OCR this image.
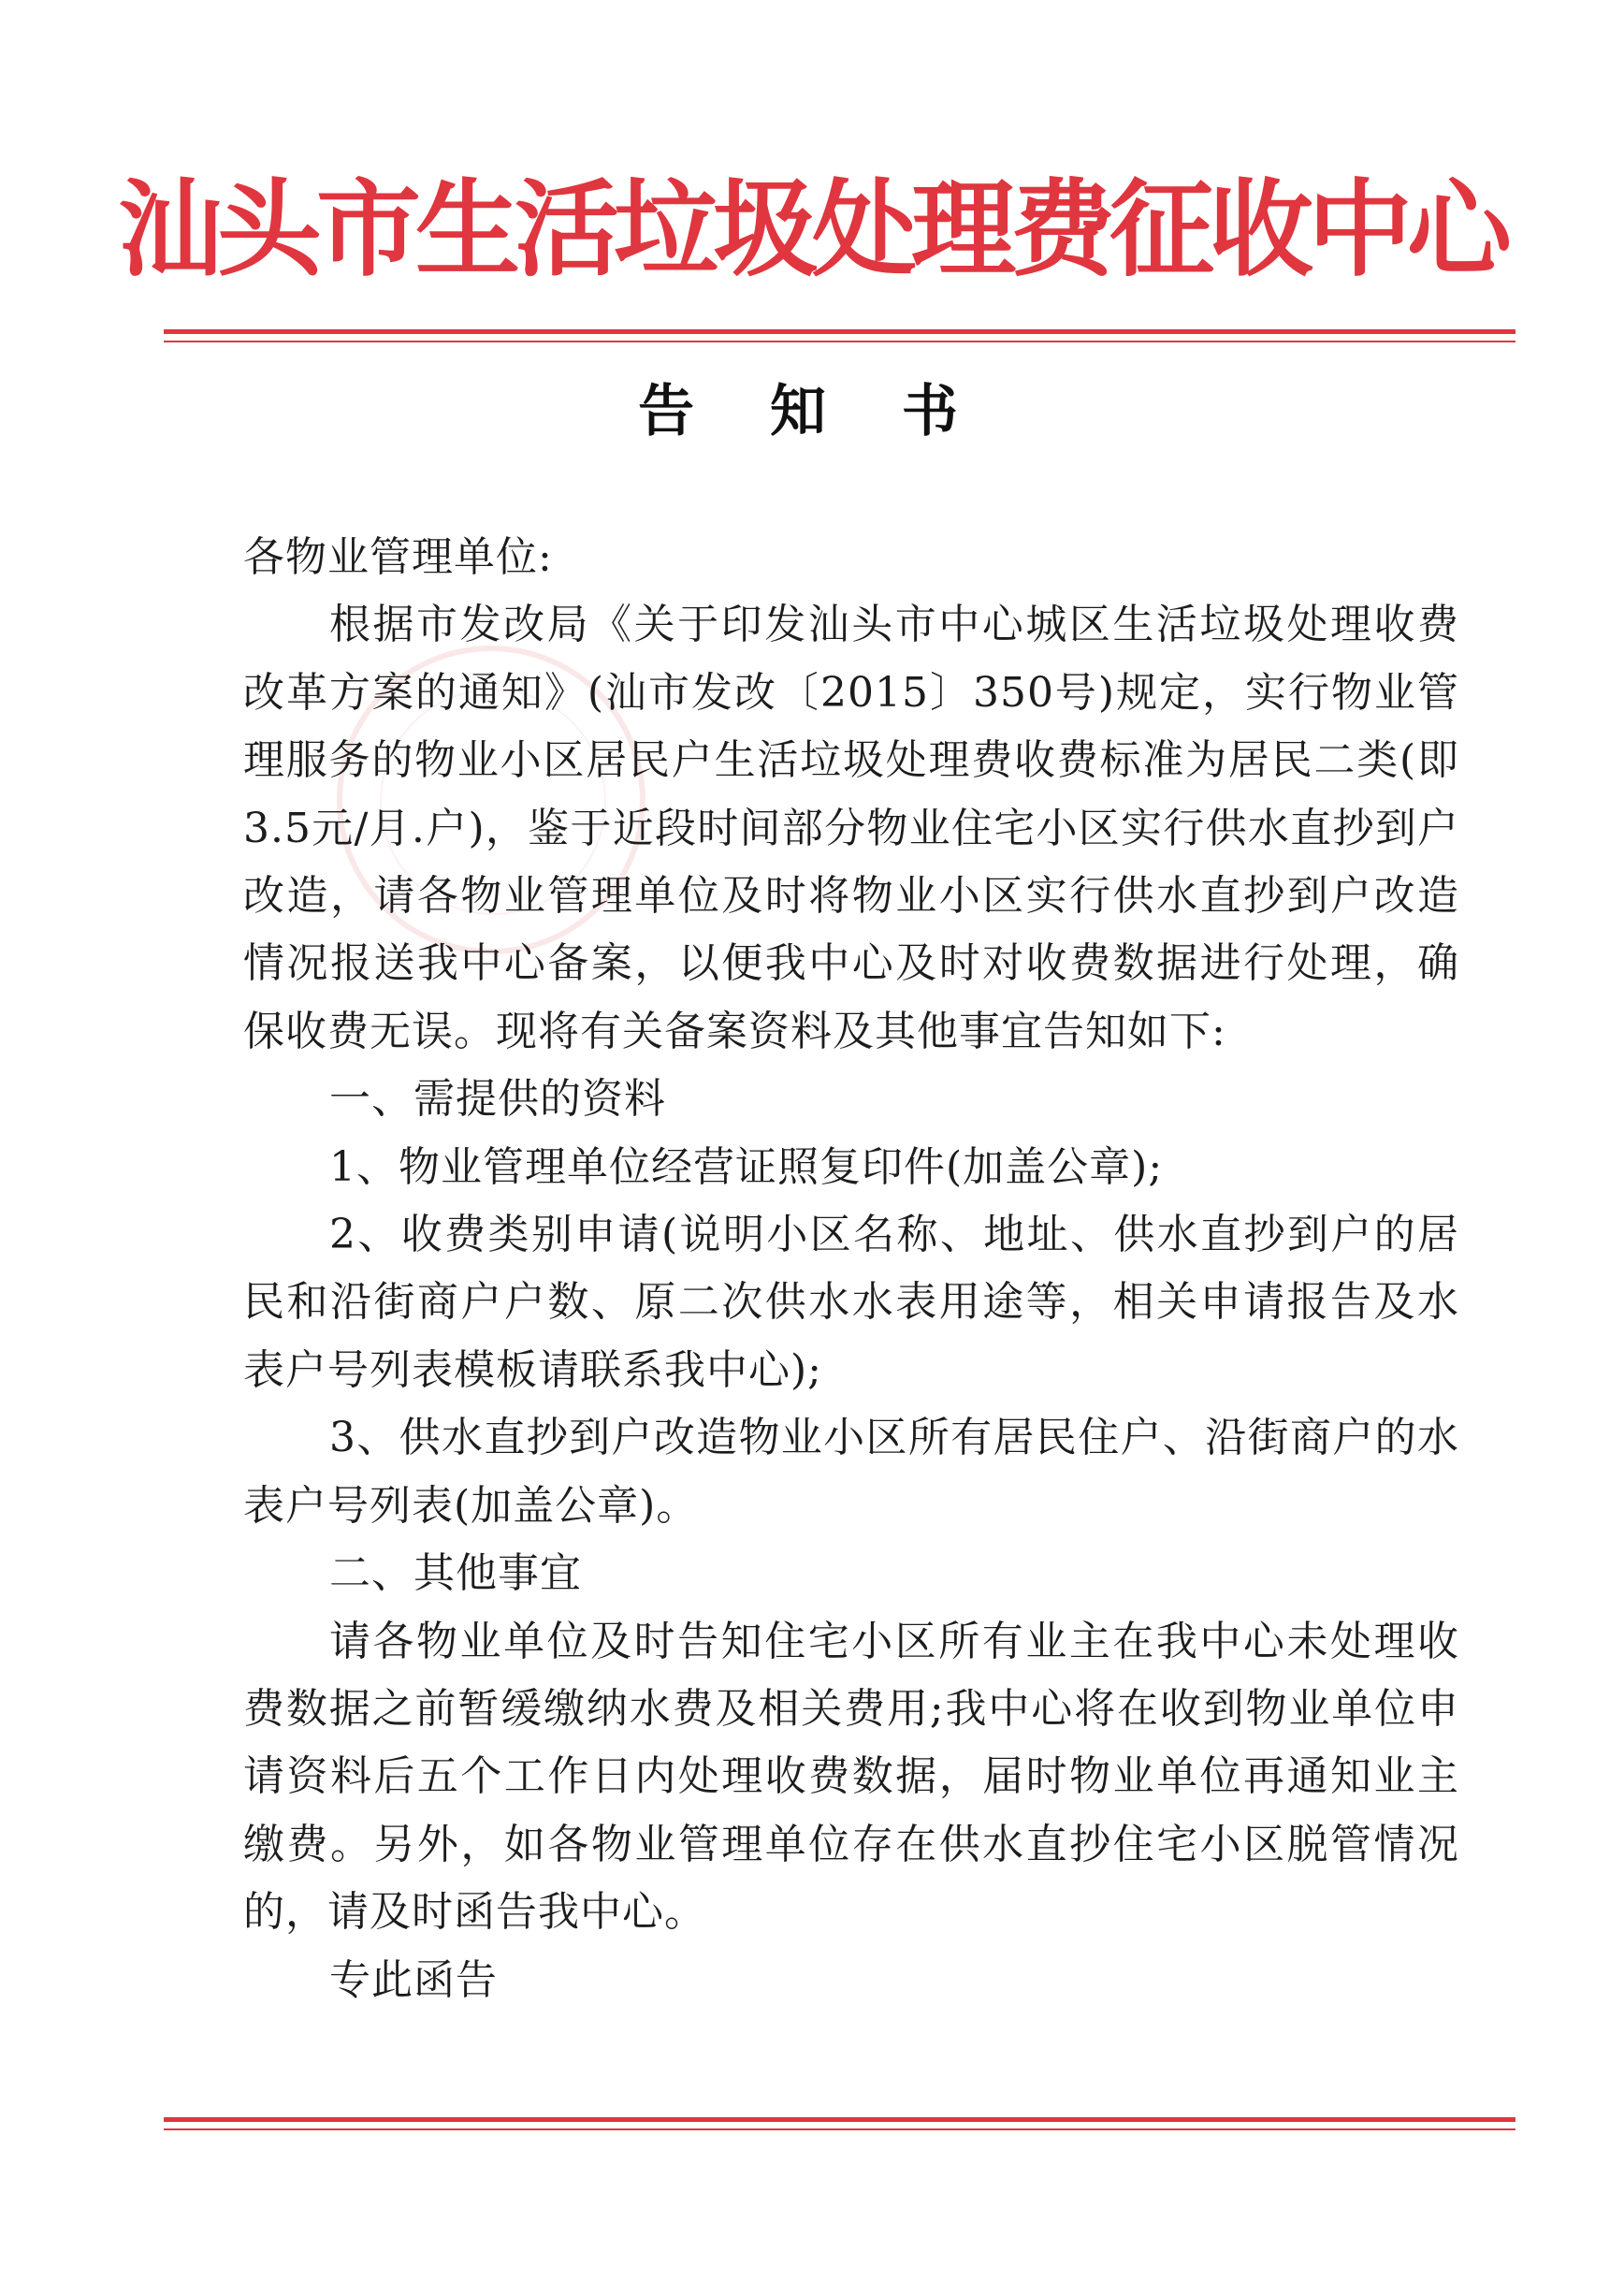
汕头市生活垃圾处理费征收中心
告 知 书

各物业管理单位:

根据市发改局《关于印发汕头市中心城区生活垃圾处理收费改革方案的通知》(汕市发改〔2015〕350号)规定，实行物业管理服务的物业小区居民户生活垃圾处理费收费标准为居民二类(即3.5元/月.户)，鉴于近段时间部分物业住宅小区实行供水直抄到户改造，请各物业管理单位及时将物业小区实行供水直抄到户改造情况报送我中心备案，以便我中心及时对收费数据进行处理，确保收费无误。现将有关备案资料及其他事宜告知如下:

一、需提供的资料

1、物业管理单位经营证照复印件(加盖公章);

2、收费类别申请(说明小区名称、地址、供水直抄到户的居民和沿街商户户数、原二次供水水表用途等，相关申请报告及水表户号列表模板请联系我中心);

3、供水直抄到户改造物业小区所有居民住户、沿街商户的水表户号列表(加盖公章)。

二、其他事宜

请各物业单位及时告知住宅小区所有业主在我中心未处理收费数据之前暂缓缴纳水费及相关费用;我中心将在收到物业单位申请资料后五个工作日内处理收费数据，届时物业单位再通知业主缴费。另外，如各物业管理单位存在供水直抄住宅小区脱管情况的，请及时函告我中心。

专此函告
